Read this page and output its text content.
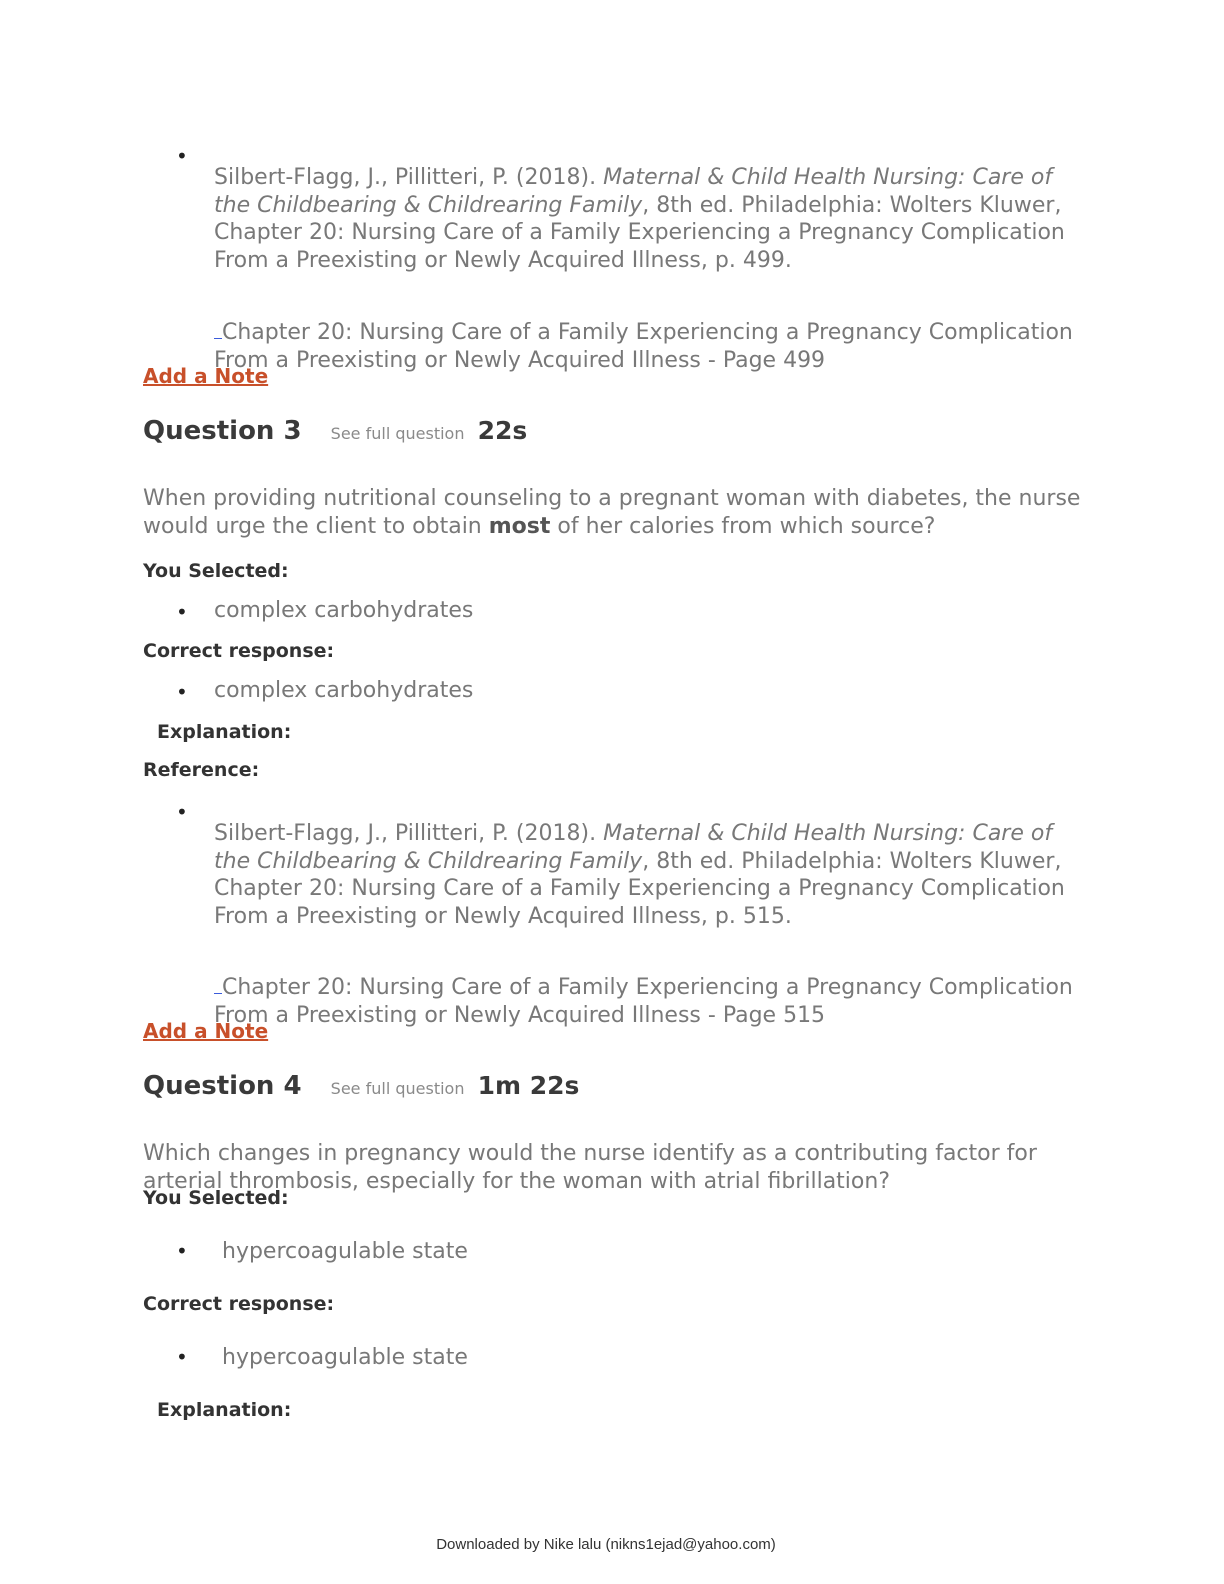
•

Silbert-Flagg, J., Pillitteri, P. (2018). Maternal & Child Health Nursing: Care of the Childbearing & Childrearing Family, 8th ed. Philadelphia: Wolters Kluwer, Chapter 20: Nursing Care of a Family Experiencing a Pregnancy Complication From a Preexisting or Newly Acquired Illness, p. 499.

Chapter 20: Nursing Care of a Family Experiencing a Pregnancy Complication From a Preexisting or Newly Acquired Illness - Page 499

Add a Note
Question 3 See full question 22s

When providing nutritional counseling to a pregnant woman with diabetes, the nurse would urge the client to obtain most of her calories from which source?

You Selected:
• complex carbohydrates
Correct response:
• complex carbohydrates
Explanation:
Reference:
•

Silbert-Flagg, J., Pillitteri, P. (2018). Maternal & Child Health Nursing: Care of the Childbearing & Childrearing Family, 8th ed. Philadelphia: Wolters Kluwer, Chapter 20: Nursing Care of a Family Experiencing a Pregnancy Complication From a Preexisting or Newly Acquired Illness, p. 515.

Chapter 20: Nursing Care of a Family Experiencing a Pregnancy Complication From a Preexisting or Newly Acquired Illness - Page 515

Add a Note
Question 4 See full question 1m 22s

Which changes in pregnancy would the nurse identify as a contributing factor for arterial thrombosis, especially for the woman with atrial fibrillation?

You Selected:
• hypercoagulable state
Correct response:
• hypercoagulable state
Explanation:
Downloaded by Nike lalu (nikns1ejad@yahoo.com)
